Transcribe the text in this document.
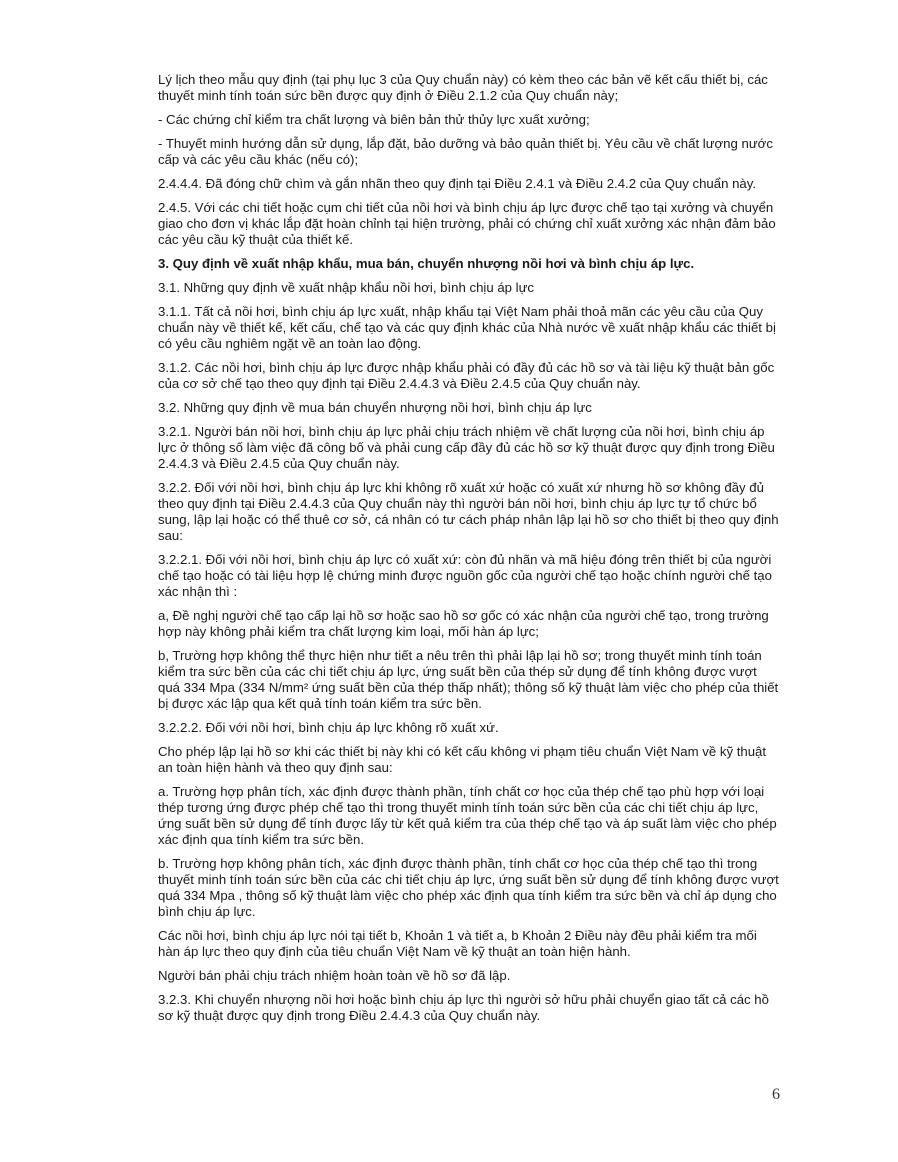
Lý lịch theo mẫu quy định (tại phụ lục 3 của Quy chuẩn này) có kèm theo các bản vẽ kết cấu thiết bị, các thuyết minh tính toán sức bền được quy định ở Điều 2.1.2 của Quy chuẩn này;

- Các chứng chỉ kiểm tra chất lượng và biên bản thử thủy lực xuất xưởng;

- Thuyết minh hướng dẫn sử dụng, lắp đặt, bảo dưỡng và bảo quản thiết bị. Yêu cầu về chất lượng nước cấp và các yêu cầu khác (nếu có);

2.4.4.4. Đã đóng chữ chìm và gắn nhãn theo quy định tại Điều 2.4.1 và Điều 2.4.2 của Quy chuẩn này.

2.4.5. Với các chi tiết hoặc cụm chi tiết của nồi hơi và bình chịu áp lực được chế tạo tại xưởng và chuyển giao cho đơn vị khác lắp đặt hoàn chỉnh tại hiện trường, phải có chứng chỉ xuất xưởng xác nhận đảm bảo các yêu cầu kỹ thuật của thiết kế.

3. Quy định về xuất nhập khẩu, mua bán, chuyển nhượng nồi hơi và bình chịu áp lực.

3.1. Những quy định về xuất nhập khẩu nồi hơi, bình chịu áp lực

3.1.1. Tất cả nồi hơi, bình chịu áp lực xuất, nhập khẩu tại Việt Nam phải thoả mãn các yêu cầu của Quy chuẩn này về thiết kế, kết cấu, chế tạo và các quy định khác của Nhà nước về xuất nhập khẩu các thiết bị có yêu cầu nghiêm ngặt về an toàn lao động.

3.1.2. Các nồi hơi, bình chịu áp lực được nhập khẩu phải có đầy đủ các hồ sơ và tài liệu kỹ thuật bản gốc của cơ sở chế tạo theo quy định tại Điều 2.4.4.3 và Điều 2.4.5 của Quy chuẩn này.

3.2. Những quy định về mua bán chuyển nhượng nồi hơi, bình chịu áp lực

3.2.1. Người bán nồi hơi, bình chịu áp lực phải chịu trách nhiệm về chất lượng của nồi hơi, bình chịu áp lực ở thông số làm việc đã công bố và phải cung cấp đầy đủ các hồ sơ kỹ thuật được quy định trong Điều 2.4.4.3 và Điều 2.4.5 của Quy chuẩn này.

3.2.2. Đối với nồi hơi, bình chịu áp lực khi không rõ xuất xứ hoặc có xuất xứ nhưng hồ sơ không đầy đủ theo quy định tại Điều 2.4.4.3 của Quy chuẩn này thì người bán nồi hơi, bình chịu áp lực tự tổ chức bổ sung, lập lại hoặc có thể thuê cơ sở, cá nhân có tư cách pháp nhân lập lại hồ sơ cho thiết bị theo quy định sau:

3.2.2.1. Đối với nồi hơi, bình chịu áp lực có xuất xứ: còn đủ nhãn và mã hiệu đóng trên thiết bị của người chế tạo hoặc có tài liệu hợp lệ chứng minh được nguồn gốc của người chế tạo hoặc chính người chế tạo xác nhận thì :

a, Đề nghị người chế tạo cấp lại hồ sơ hoặc sao hồ sơ gốc có xác nhận của người chế tạo, trong trường hợp này không phải kiểm tra chất lượng kim loại, mối hàn áp lực;

b, Trường hợp không thể thực hiện như tiết a nêu trên thì phải lập lại hồ sơ; trong thuyết minh tính toán kiểm tra sức bền của các chi tiết chịu áp lực, ứng suất bền của thép sử dụng để tính không được vượt quá 334 Mpa (334 N/mm² ứng suất bền của thép thấp nhất); thông số kỹ thuật làm việc cho phép của thiết bị được xác lập qua kết quả tính toán kiểm tra sức bền.

3.2.2.2. Đối với nồi hơi, bình chịu áp lực không rõ xuất xứ.

Cho phép lập lại hồ sơ khi các thiết bị này khi có kết cấu không vi phạm tiêu chuẩn Việt Nam về kỹ thuật an toàn hiện hành và theo quy định sau:

a. Trường hợp phân tích, xác định được thành phần, tính chất cơ học của thép chế tạo phù hợp với loại thép tương ứng được phép chế tạo thì trong thuyết minh tính toán sức bền của các chi tiết chịu áp lực, ứng suất bền sử dụng để tính được lấy từ kết quả kiểm tra của thép chế tạo và áp suất làm việc cho phép xác định qua tính kiểm tra sức bền.

b. Trường hợp không phân tích, xác định được thành phần, tính chất cơ học của thép chế tạo thì trong thuyết minh tính toán sức bền của các chi tiết chịu áp lực, ứng suất bền sử dụng để tính không được vượt quá 334 Mpa , thông số kỹ thuật làm việc cho phép xác định qua tính kiểm tra sức bền và chỉ áp dụng cho bình chịu áp lực.

Các nồi hơi, bình chịu áp lực nói tại tiết b, Khoản 1 và tiết a, b Khoản 2 Điều này đều phải kiểm tra mối hàn áp lực theo quy định của tiêu chuẩn Việt Nam về kỹ thuật an toàn hiện hành.

Người bán phải chịu trách nhiệm hoàn toàn về hồ sơ đã lập.

3.2.3. Khi chuyển nhượng nồi hơi hoặc bình chịu áp lực thì người sở hữu phải chuyển giao tất cả các hồ sơ kỹ thuật được quy định trong Điều 2.4.4.3 của Quy chuẩn này.

6
